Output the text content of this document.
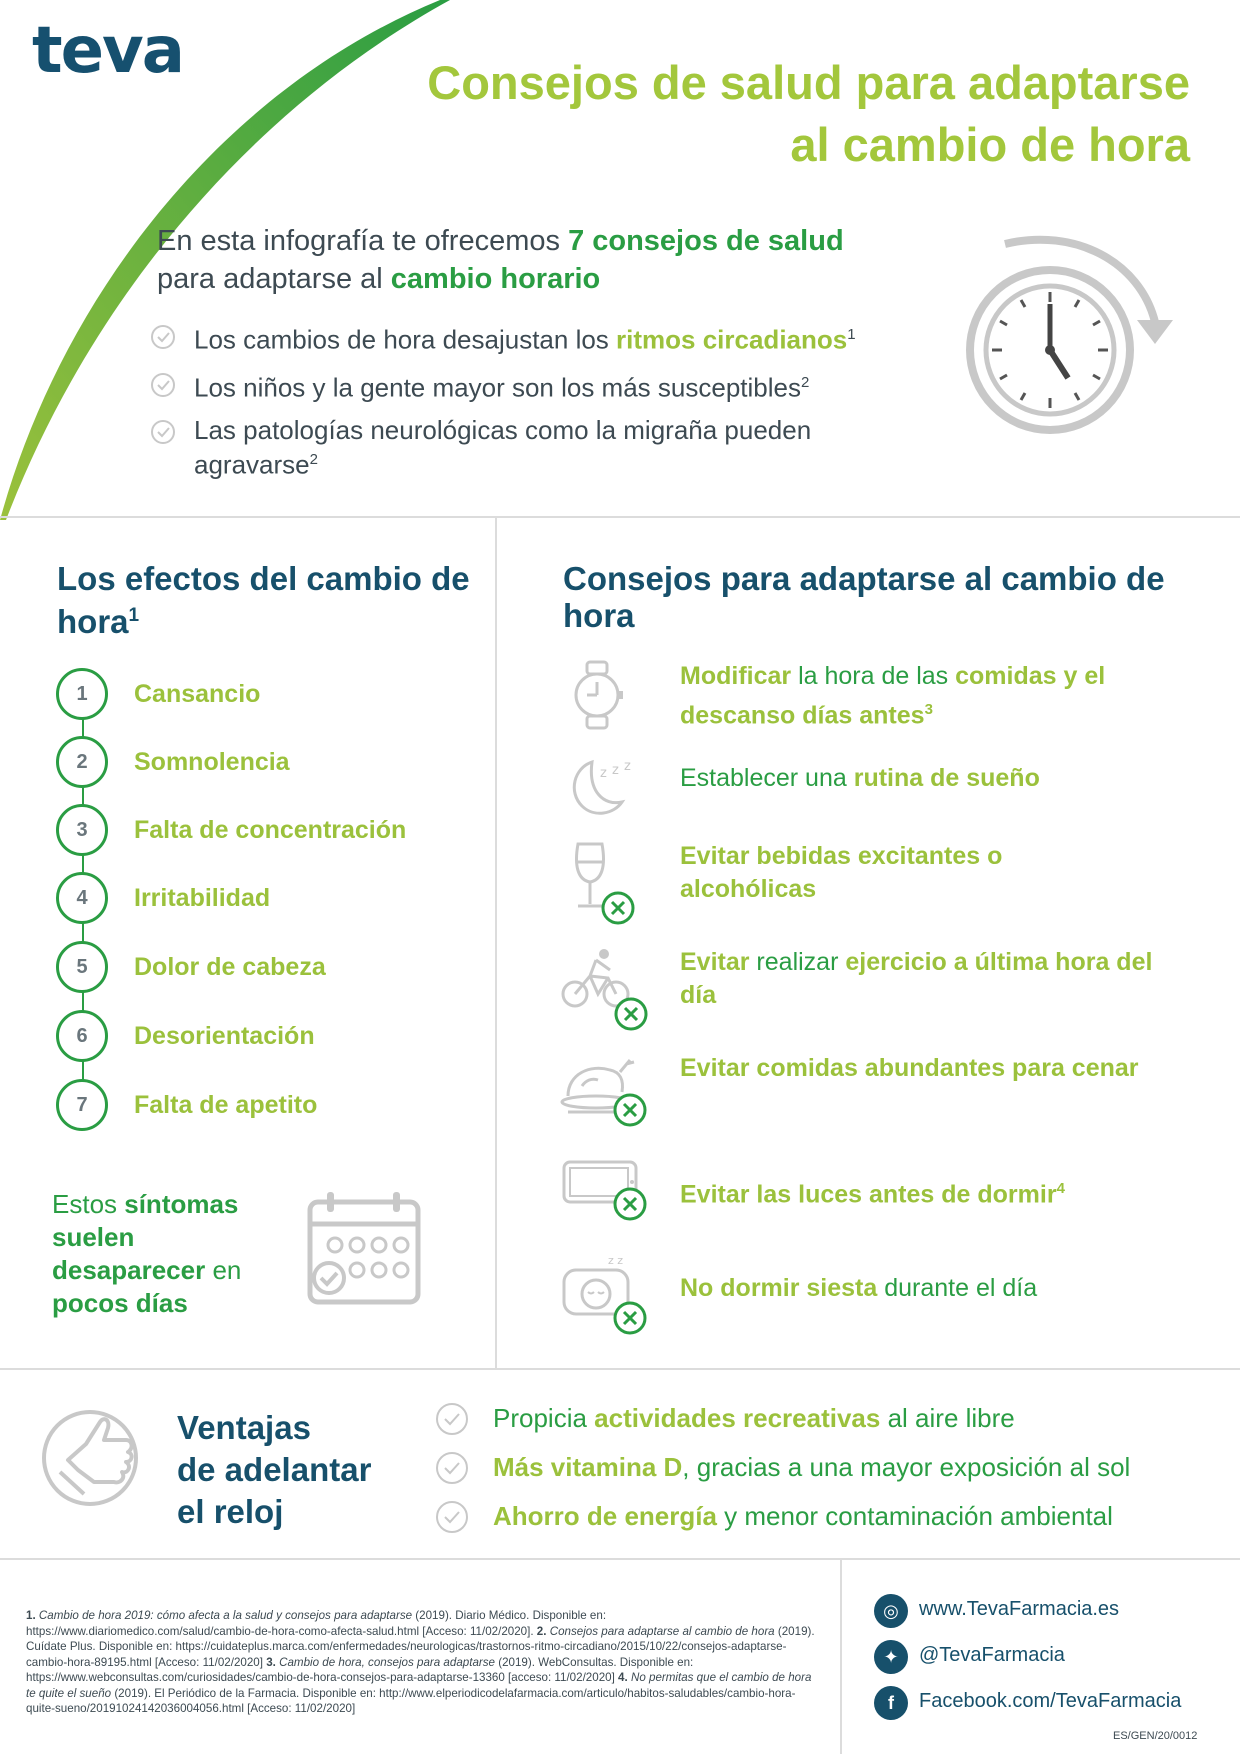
teva	Consejos de salud para adaptarse
al cambio de hora
En esta infografía te ofrecemos 7 consejos de salud
para adaptarse al cambio horario
Los cambios de hora desajustan los ritmos circadianos$^1$
Los niños y la gente mayor son los más susceptibles$^2$
Las patologías neurológicas como la migraña pueden agravarse$^2$
Los efectos del cambio de hora$^1$
1	Cansancio
2	Somnolencia
3	Falta de concentración
4	Irritabilidad
5	Dolor de cabeza
6	Desorientación
7	Falta de apetito
Estos síntomas suelen desaparecer en pocos días
Consejos para adaptarse al cambio de hora
Modificar la hora de las comidas y el descanso días antes$^3$
z z z Establecer una rutina de sueño
Evitar bebidas excitantes o alcohólicas
Evitar realizar ejercicio a última hora del día
Evitar comidas abundantes para cenar
Evitar las luces antes de dormir$^4$
z z
No dormir siesta durante el día
Ventajas
de adelantar
el reloj
Propicia actividades recreativas al aire libre
Más vitamina D, gracias a una mayor exposición al sol
Ahorro de energía y menor contaminación ambiental
1. Cambio de hora 2019: cómo afecta a la salud y consejos para adaptarse (2019). Diario Médico. Disponible en: https://www.diariomedico.com/salud/cambio-de-hora-como-afecta-salud.html [Acceso: 11/02/2020]. 2. Consejos para adaptarse al cambio de hora (2019). Cuídate Plus. Disponible en: https://cuidateplus.marca.com/enfermedades/neurologicas/trastornos-ritmo-circadiano/2015/10/22/consejos-adaptarse-cambio-hora-89195.html [Acceso: 11/02/2020] 3. Cambio de hora, consejos para adaptarse (2019). WebConsultas. Disponible en: https://www.webconsultas.com/curiosidades/cambio-de-hora-consejos-para-adaptarse-13360 [acceso: 11/02/2020] 4. No permitas que el cambio de hora te quite el sueño (2019). El Periódico de la Farmacia. Disponible en: http://www.elperiodicodelafarmacia.com/articulo/habitos-saludables/cambio-hora-quite-sueno/20191024142036004056.html [Acceso: 11/02/2020]
◎	www.TevaFarmacia.es
✦	@TevaFarmacia
f	Facebook.com/TevaFarmacia
ES/GEN/20/0012
